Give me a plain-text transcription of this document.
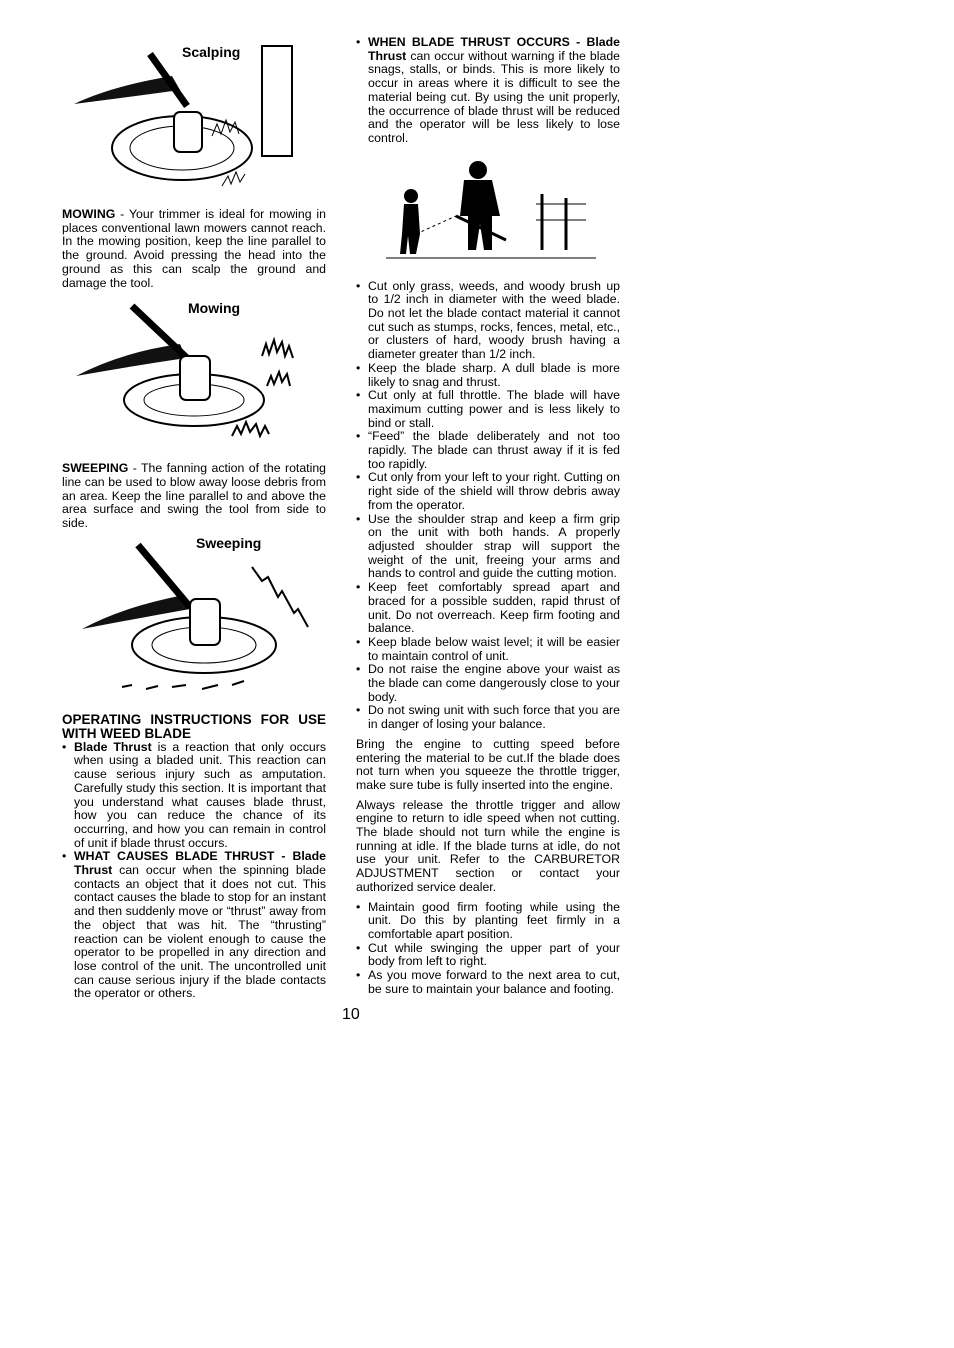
Scalping

MOWING - Your trimmer is ideal for mowing in places conventional lawn mowers cannot reach. In the mowing position, keep the line parallel to the ground. Avoid pressing the head into the ground as this can scalp the ground and damage the tool.

Mowing

SWEEPING - The fanning action of the rotating line can be used to blow away loose debris from an area. Keep the line parallel to and above the area surface and swing the tool from side to side.

Sweeping
OPERATING INSTRUCTIONS FOR USE WITH WEED BLADE
• Blade Thrust is a reaction that only occurs when using a bladed unit. This reaction can cause serious injury such as amputation. Carefully study this section. It is important that you understand what causes blade thrust, how you can reduce the chance of its occurring, and how you can remain in control of unit if blade thrust occurs.
• WHAT CAUSES BLADE THRUST - Blade Thrust can occur when the spinning blade contacts an object that it does not cut. This contact causes the blade to stop for an instant and then suddenly move or “thrust” away from the object that was hit. The “thrusting” reaction can be violent enough to cause the operator to be propelled in any direction and lose control of the unit. The uncontrolled unit can cause serious injury if the blade contacts the operator or others.
• WHEN BLADE THRUST OCCURS - Blade Thrust can occur without warning if the blade snags, stalls, or binds. This is more likely to occur in areas where it is difficult to see the material being cut. By using the unit properly, the occurrence of blade thrust will be reduced and the operator will be less likely to lose control.
• Cut only grass, weeds, and woody brush up to 1/2 inch in diameter with the weed blade. Do not let the blade contact material it cannot cut such as stumps, rocks, fences, metal, etc., or clusters of hard, woody brush having a diameter greater than 1/2 inch.
• Keep the blade sharp. A dull blade is more likely to snag and thrust.
• Cut only at full throttle. The blade will have maximum cutting power and is less likely to bind or stall.
• “Feed” the blade deliberately and not too rapidly. The blade can thrust away if it is fed too rapidly.
• Cut only from your left to your right. Cutting on right side of the shield will throw debris away from the operator.
• Use the shoulder strap and keep a firm grip on the unit with both hands. A properly adjusted shoulder strap will support the weight of the unit, freeing your arms and hands to control and guide the cutting motion.
• Keep feet comfortably spread apart and braced for a possible sudden, rapid thrust of unit. Do not overreach. Keep firm footing and balance.
• Keep blade below waist level; it will be easier to maintain control of unit.
• Do not raise the engine above your waist as the blade can come dangerously close to your body.
• Do not swing unit with such force that you are in danger of losing your balance.

Bring the engine to cutting speed before entering the material to be cut.If the blade does not turn when you squeeze the throttle trigger, make sure tube is fully inserted into the engine.

Always release the throttle trigger and allow engine to return to idle speed when not cutting. The blade should not turn while the engine is running at idle. If the blade turns at idle, do not use your unit. Refer to the CARBURETOR ADJUSTMENT section or contact your authorized service dealer.

• Maintain good firm footing while using the unit. Do this by planting feet firmly in a comfortable apart position.
• Cut while swinging the upper part of your body from left to right.
• As you move forward to the next area to cut, be sure to maintain your balance and footing.
10
